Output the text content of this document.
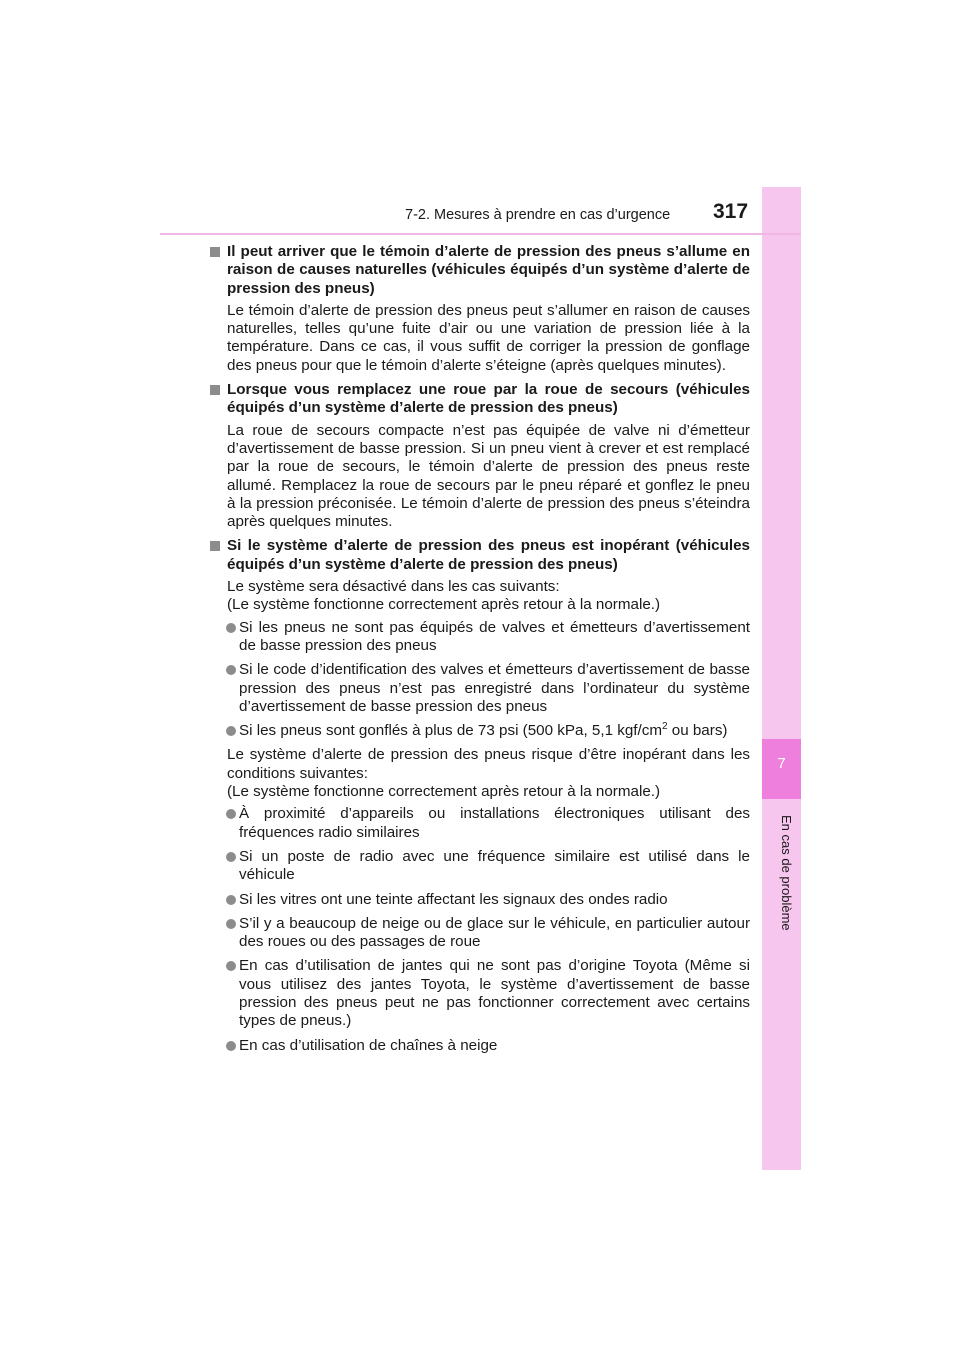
7
En cas de problème
7-2. Mesures à prendre en cas d’urgence 317
Il peut arriver que le témoin d’alerte de pression des pneus s’allume en raison de causes naturelles (véhicules équipés d’un système d’alerte de pression des pneus)
Le témoin d’alerte de pression des pneus peut s’allumer en raison de causes naturelles, telles qu’une fuite d’air ou une variation de pression liée à la température. Dans ce cas, il vous suffit de corriger la pression de gonflage des pneus pour que le témoin d’alerte s’éteigne (après quelques minutes).
Lorsque vous remplacez une roue par la roue de secours (véhicules équipés d’un système d’alerte de pression des pneus)
La roue de secours compacte n’est pas équipée de valve ni d’émetteur d’avertissement de basse pression. Si un pneu vient à crever et est remplacé par la roue de secours, le témoin d’alerte de pression des pneus reste allumé. Remplacez la roue de secours par le pneu réparé et gonflez le pneu à la pression préconisée. Le témoin d’alerte de pression des pneus s’éteindra après quelques minutes.
Si le système d’alerte de pression des pneus est inopérant (véhicules équipés d’un système d’alerte de pression des pneus)
Le système sera désactivé dans les cas suivants:
(Le système fonctionne correctement après retour à la normale.)
Si les pneus ne sont pas équipés de valves et émetteurs d’avertissement de basse pression des pneus
Si le code d’identification des valves et émetteurs d’avertissement de basse pression des pneus n’est pas enregistré dans l’ordinateur du système d’avertissement de basse pression des pneus
Si les pneus sont gonflés à plus de 73 psi (500 kPa, 5,1 kgf/$cm^2$ ou bars)
Le système d’alerte de pression des pneus risque d’être inopérant dans les conditions suivantes:
(Le système fonctionne correctement après retour à la normale.)
À proximité d’appareils ou installations électroniques utilisant des fréquences radio similaires
Si un poste de radio avec une fréquence similaire est utilisé dans le véhicule
Si les vitres ont une teinte affectant les signaux des ondes radio
S’il y a beaucoup de neige ou de glace sur le véhicule, en particulier autour des roues ou des passages de roue
En cas d’utilisation de jantes qui ne sont pas d’origine Toyota (Même si vous utilisez des jantes Toyota, le système d’avertissement de basse pression des pneus peut ne pas fonctionner correctement avec certains types de pneus.)
En cas d’utilisation de chaînes à neige
